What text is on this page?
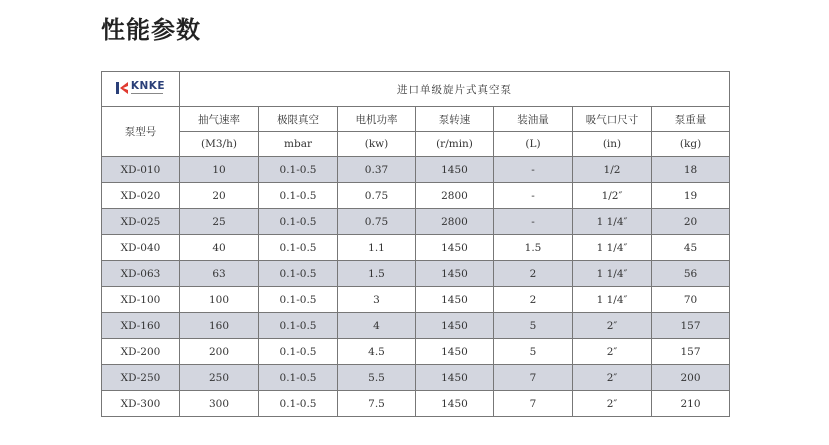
性能参数
KNKE	进口单级旋片式真空泵						
泵型号	抽气速率	极限真空	电机功率	泵转速	装油量	吸气口尺寸	泵重量
	(M3/h)	mbar	(kw)	(r/min)	(L)	(in)	(kg)
XD-010	10	0.1-0.5	0.37	1450	-	1/2	18
XD-020	20	0.1-0.5	0.75	2800	-	1/2″	19
XD-025	25	0.1-0.5	0.75	2800	-	1 1/4″	20
XD-040	40	0.1-0.5	1.1	1450	1.5	1 1/4″	45
XD-063	63	0.1-0.5	1.5	1450	2	1 1/4″	56
XD-100	100	0.1-0.5	3	1450	2	1 1/4″	70
XD-160	160	0.1-0.5	4	1450	5	2″	157
XD-200	200	0.1-0.5	4.5	1450	5	2″	157
XD-250	250	0.1-0.5	5.5	1450	7	2″	200
XD-300	300	0.1-0.5	7.5	1450	7	2″	210
